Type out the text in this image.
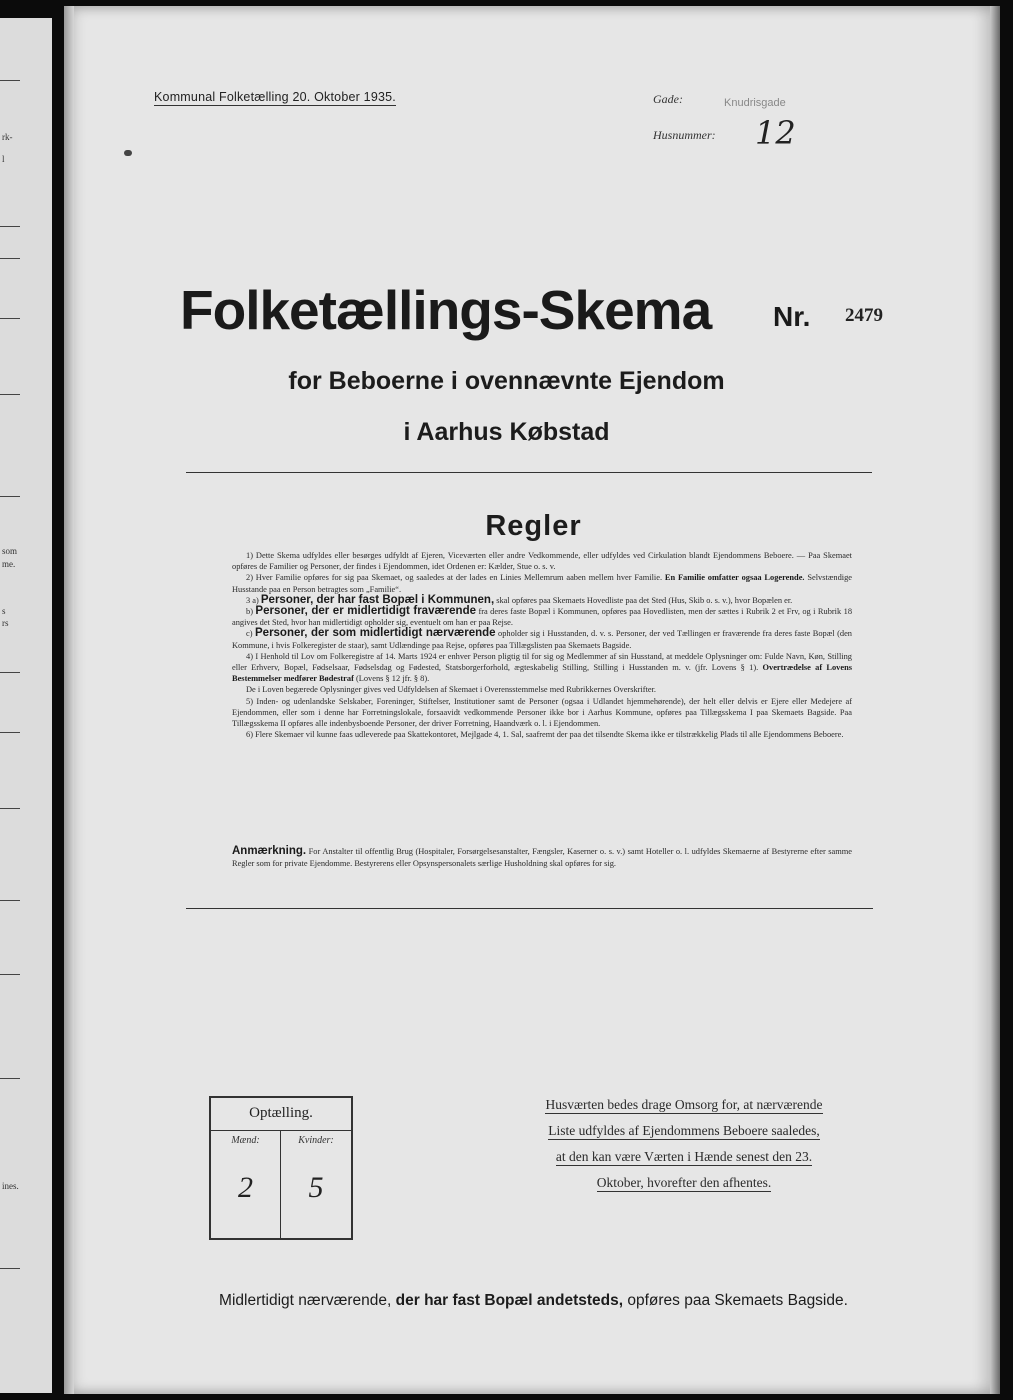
rk-
l
som
me.
s
rs
ines.
Kommunal Folketælling 20. Oktober 1935.	Gade:	Knudrisgade
Husnummer: 12
Folketællings-Skema Nr. 2479
for Beboerne i ovennævnte Ejendom
i Aarhus Købstad
Regler

1) Dette Skema udfyldes eller besørges udfyldt af Ejeren, Viceværten eller andre Vedkommende, eller udfyldes ved Cirkulation blandt Ejendommens Beboere. — Paa Skemaet opføres de Familier og Personer, der findes i Ejendommen, idet Ordenen er: Kælder, Stue o. s. v.

2) Hver Familie opføres for sig paa Skemaet, og saaledes at der lades en Linies Mellemrum aaben mellem hver Familie. En Familie omfatter ogsaa Logerende. Selvstændige Husstande paa en Person betragtes som „Familie“.

3 a) Personer, der har fast Bopæl i Kommunen, skal opføres paa Skemaets Hovedliste paa det Sted (Hus, Skib o. s. v.), hvor Bopælen er.

b) Personer, der er midlertidigt fraværende fra deres faste Bopæl i Kommunen, opføres paa Hovedlisten, men der sættes i Rubrik 2 et Frv, og i Rubrik 18 angives det Sted, hvor han midlertidigt opholder sig, eventuelt om han er paa Rejse.

c) Personer, der som midlertidigt nærværende opholder sig i Husstanden, d. v. s. Personer, der ved Tællingen er fraværende fra deres faste Bopæl (den Kommune, i hvis Folkeregister de staar), samt Udlændinge paa Rejse, opføres paa Tillægslisten paa Skemaets Bagside.

4) I Henhold til Lov om Folkeregistre af 14. Marts 1924 er enhver Person pligtig til for sig og Medlemmer af sin Husstand, at meddele Oplysninger om: Fulde Navn, Køn, Stilling eller Erhverv, Bopæl, Fødselsaar, Fødselsdag og Fødested, Statsborgerforhold, ægteskabelig Stilling, Stilling i Husstanden m. v. (jfr. Lovens § 1). Overtrædelse af Lovens Bestemmelser medfører Bødestraf (Lovens § 12 jfr. § 8).

De i Loven begærede Oplysninger gives ved Udfyldelsen af Skemaet i Overensstemmelse med Rubrikkernes Overskrifter.

5) Inden- og udenlandske Selskaber, Foreninger, Stiftelser, Institutioner samt de Personer (ogsaa i Udlandet hjemmehørende), der helt eller delvis er Ejere eller Medejere af Ejendommen, eller som i denne har Forretningslokale, forsaavidt vedkommende Personer ikke bor i Aarhus Kommune, opføres paa Tillægsskema I paa Skemaets Bagside. Paa Tillægsskema II opføres alle indenbysboende Personer, der driver Forretning, Haandværk o. l. i Ejendommen.

6) Flere Skemaer vil kunne faas udleverede paa Skattekontoret, Mejlgade 4, 1. Sal, saafremt der paa det tilsendte Skema ikke er tilstrækkelig Plads til alle Ejendommens Beboere.

Anmærkning. For Anstalter til offentlig Brug (Hospitaler, Forsørgelsesanstalter, Fængsler, Kaserner o. s. v.) samt Hoteller o. l. udfyldes Skemaerne af Bestyrerne efter samme Regler som for private Ejendomme. Bestyrerens eller Opsynspersonalets særlige Husholdning skal opføres for sig.
Optælling.
Mænd:
2
Kvinder:
5
Husværten bedes drage Omsorg for, at nærværende
Liste udfyldes af Ejendommens Beboere saaledes,
at den kan være Værten i Hænde senest den 23.
Oktober, hvorefter den afhentes.
Midlertidigt nærværende, der har fast Bopæl andetsteds, opføres paa Skemaets Bagside.
